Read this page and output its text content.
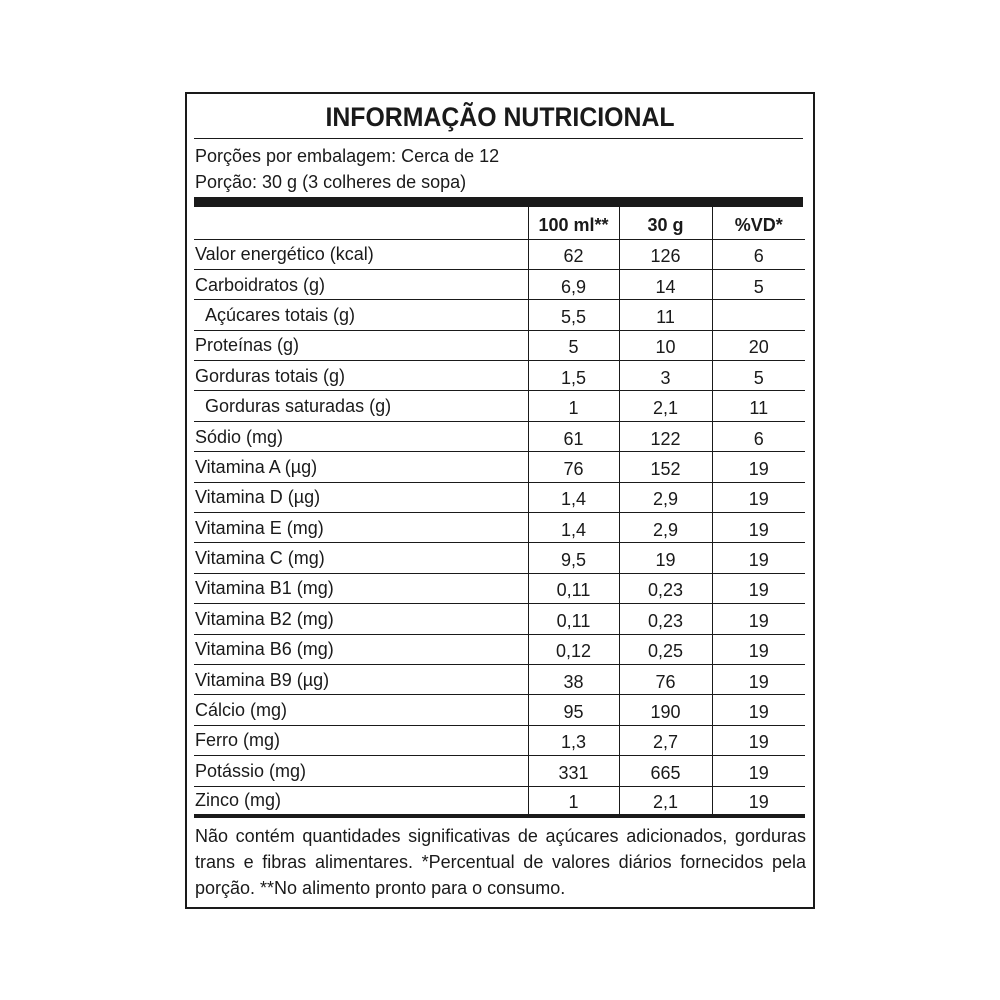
INFORMAÇÃO NUTRICIONAL
Porções por embalagem: Cerca de 12
Porção: 30 g (3 colheres de sopa)
	100 ml**	30 g	%VD*
Valor energético (kcal)	62	126	6
Carboidratos (g)	6,9	14	5
Açúcares totais (g)	5,5	11	
Proteínas (g)	5	10	20
Gorduras totais (g)	1,5	3	5
Gorduras saturadas (g)	1	2,1	11
Sódio (mg)	61	122	6
Vitamina A (µg)	76	152	19
Vitamina D (µg)	1,4	2,9	19
Vitamina E (mg)	1,4	2,9	19
Vitamina C (mg)	9,5	19	19
Vitamina B1 (mg)	0,11	0,23	19
Vitamina B2 (mg)	0,11	0,23	19
Vitamina B6 (mg)	0,12	0,25	19
Vitamina B9 (µg)	38	76	19
Cálcio (mg)	95	190	19
Ferro (mg)	1,3	2,7	19
Potássio (mg)	331	665	19
Zinco (mg)	1	2,1	19
Não contém quantidades significativas de açúcares adicionados, gorduras trans e fibras alimentares. *Percentual de valores diários fornecidos pela porção. **No alimento pronto para o consumo.
